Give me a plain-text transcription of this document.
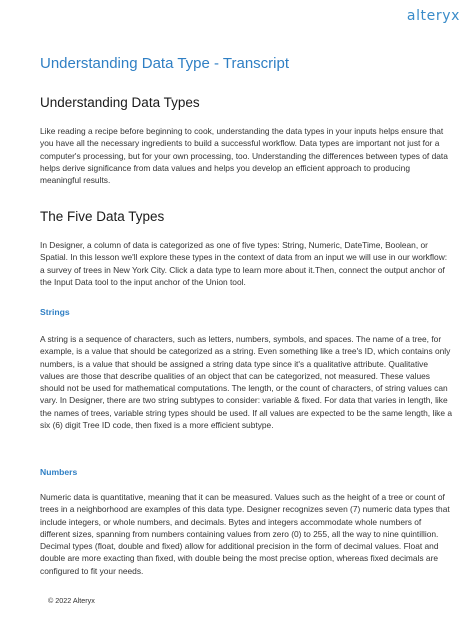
alteryx
Understanding Data Type - Transcript
Understanding Data Types

Like reading a recipe before beginning to cook, understanding the data types in your inputs helps ensure that you have all the necessary ingredients to build a successful workflow. Data types are important not just for a computer's processing, but for your own processing, too. Understanding the differences between types of data helps derive significance from data values and helps you develop an efficient approach to producing meaningful results.

The Five Data Types

In Designer, a column of data is categorized as one of five types: String, Numeric, DateTime, Boolean, or Spatial. In this lesson we'll explore these types in the context of data from an input we will use in our workflow: a survey of trees in New York City. Click a data type to learn more about it.Then, connect the output anchor of the Input Data tool to the input anchor of the Union tool.

Strings

A string is a sequence of characters, such as letters, numbers, symbols, and spaces. The name of a tree, for example, is a value that should be categorized as a string. Even something like a tree's ID, which contains only numbers, is a value that should be assigned a string data type since it's a qualitative attribute. Qualitative values are those that describe qualities of an object that can be categorized, not measured. These values should not be used for mathematical computations. The length, or the count of characters, of string values can vary. In Designer, there are two string subtypes to consider: variable & fixed. For data that varies in length, like the names of trees, variable string types should be used. If all values are expected to be the same length, like a six (6) digit Tree ID code, then fixed is a more efficient subtype.

Numbers

Numeric data is quantitative, meaning that it can be measured. Values such as the height of a tree or count of trees in a neighborhood are examples of this data type. Designer recognizes seven (7) numeric data types that include integers, or whole numbers, and decimals. Bytes and integers accommodate whole numbers of different sizes, spanning from numbers containing values from zero (0) to 255, all the way to nine quintillion. Decimal types (float, double and fixed) allow for additional precision in the form of decimal values. Float and double are more exacting than fixed, with double being the most precise option, whereas fixed decimals are configured to fit your needs.

© 2022 Alteryx
